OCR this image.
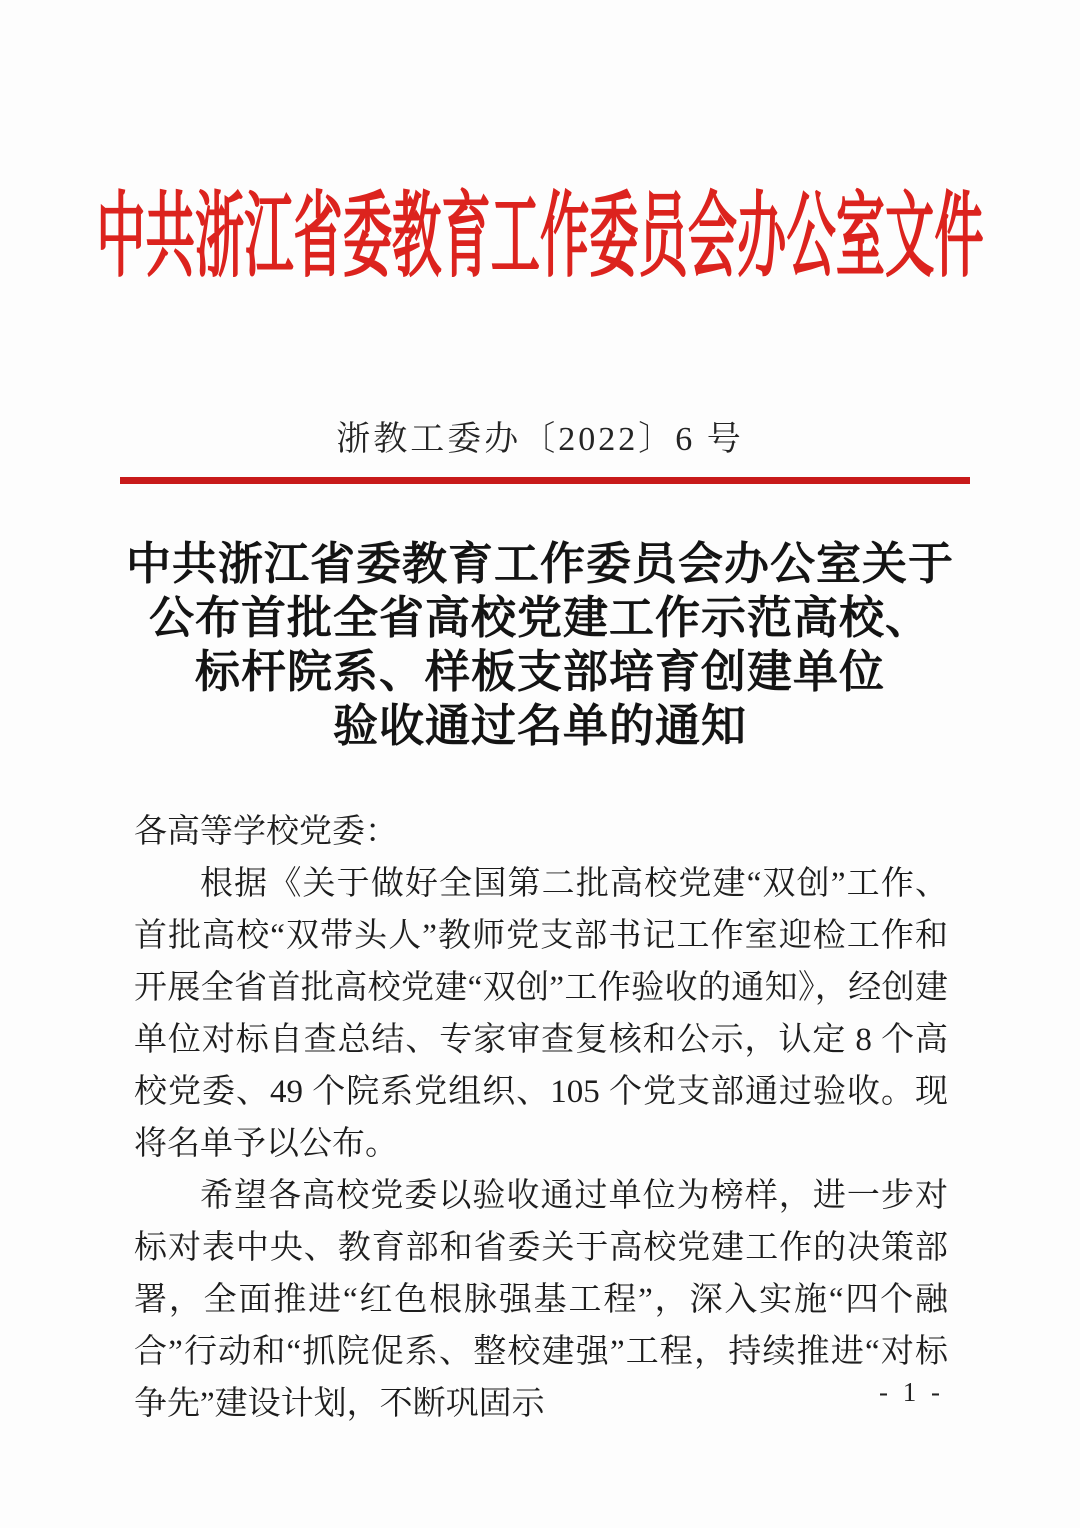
中共浙江省委教育工作委员会办公室文件
浙教工委办〔2022〕6 号
中共浙江省委教育工作委员会办公室关于
公布首批全省高校党建工作示范高校、
标杆院系、样板支部培育创建单位
验收通过名单的通知

各高等学校党委：

根据《关于做好全国第二批高校党建“双创”工作、首批高校“双带头人”教师党支部书记工作室迎检工作和开展全省首批高校党建“双创”工作验收的通知》，经创建单位对标自查总结、专家审查复核和公示，认定 8 个高校党委、49 个院系党组织、105 个党支部通过验收。现将名单予以公布。

希望各高校党委以验收通过单位为榜样，进一步对标对表中央、教育部和省委关于高校党建工作的决策部署，全面推进“红色根脉强基工程”，深入实施“四个融合”行动和“抓院促系、整校建强”工程，持续推进“对标争先”建设计划，不断巩固示	- 1 -
